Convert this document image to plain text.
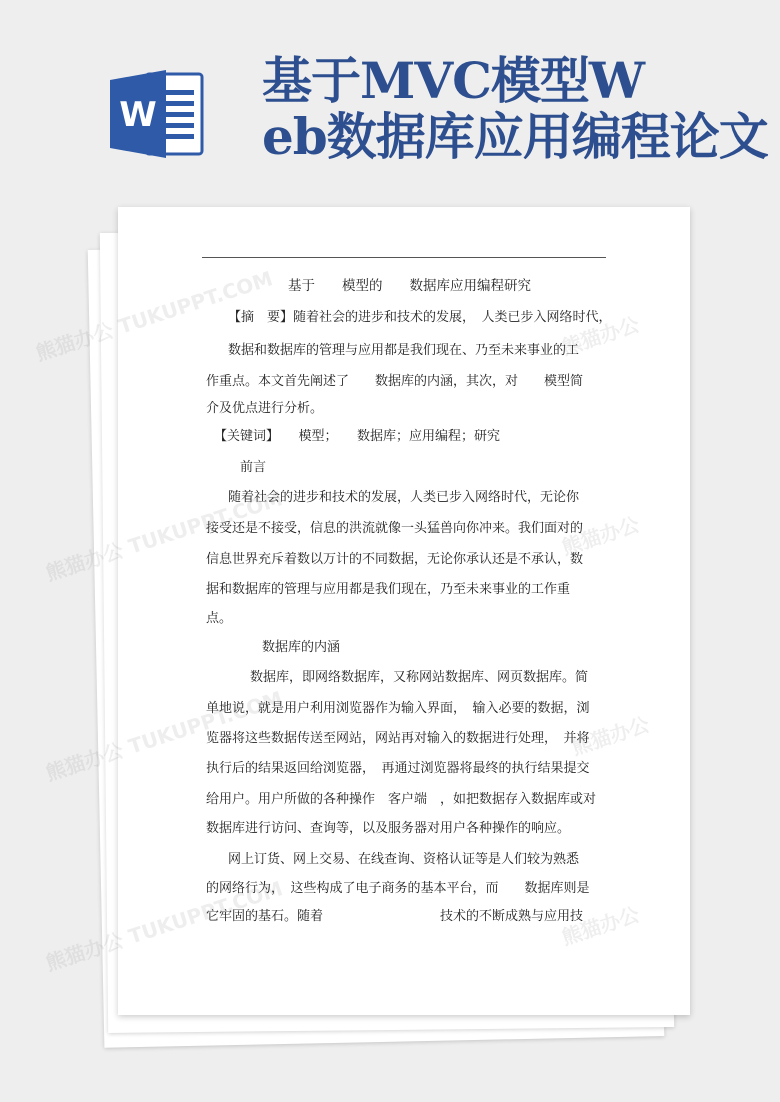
W
基于MVC模型W
eb数据库应用编程论文

基于　　模型的　　数据库应用编程研究

【摘　要】随着社会的进步和技术的发展，　人类已步入网络时代，

数据和数据库的管理与应用都是我们现在、乃至未来事业的工

作重点。本文首先阐述了　　数据库的内涵，其次，对　　模型简

介及优点进行分析。

【关键词】　　模型；　　数据库；应用编程；研究

前言

随着社会的进步和技术的发展，人类已步入网络时代，无论你

接受还是不接受，信息的洪流就像一头猛兽向你冲来。我们面对的

信息世界充斥着数以万计的不同数据，无论你承认还是不承认，数

据和数据库的管理与应用都是我们现在，乃至未来事业的工作重

点。

数据库的内涵

数据库，即网络数据库，又称网站数据库、网页数据库。简

单地说，就是用户利用浏览器作为输入界面，　输入必要的数据，浏

览器将这些数据传送至网站，网站再对输入的数据进行处理，　并将

执行后的结果返回给浏览器，　再通过浏览器将最终的执行结果提交

给用户。用户所做的各种操作　客户端　，如把数据存入数据库或对

数据库进行访问、查询等，以及服务器对用户各种操作的响应。

网上订货、网上交易、在线查询、资格认证等是人们较为熟悉

的网络行为，　这些构成了电子商务的基本平台，而　　数据库则是

它牢固的基石。随着　　　　　　　　　技术的不断成熟与应用技

熊猫办公
熊猫办公
熊猫办公
熊猫办公
